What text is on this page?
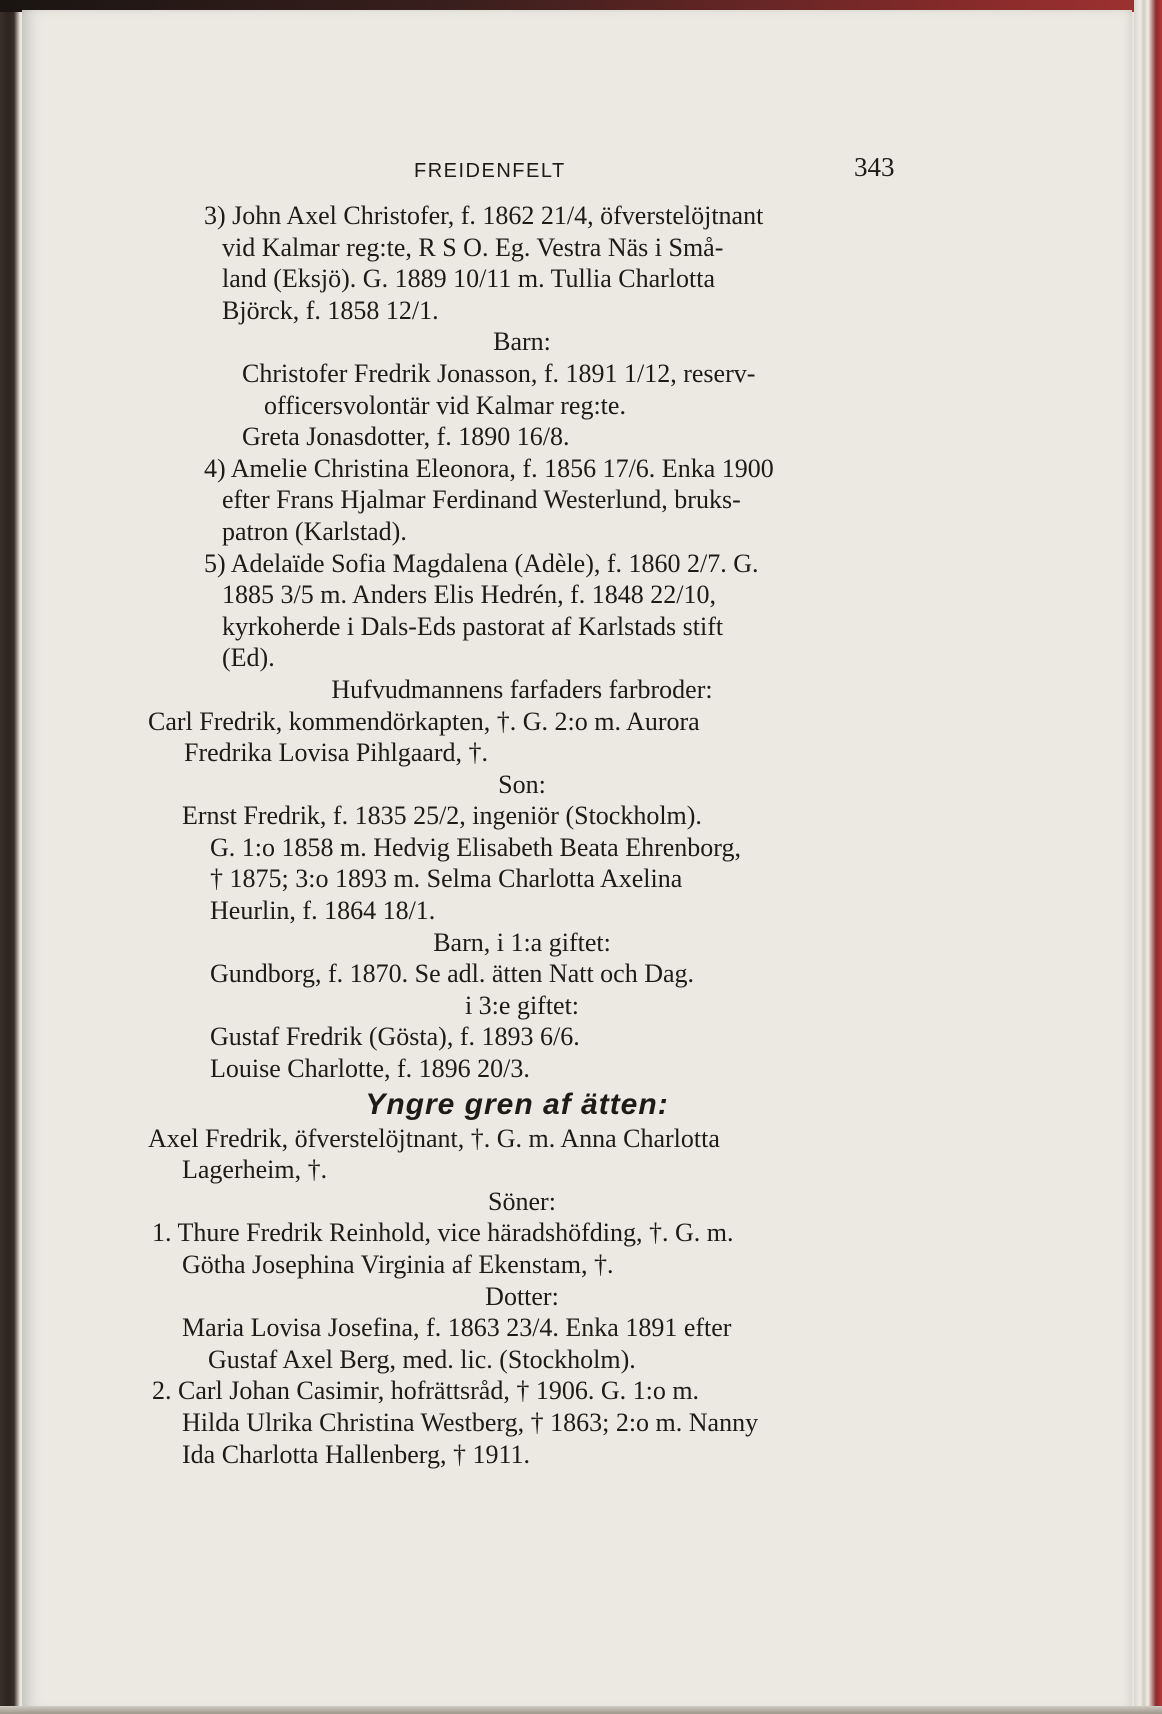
FREIDENFELT	343
3) John Axel Christofer, f. 1862 21/4, öfverstelöjtnant
vid Kalmar reg:te, R S O. Eg. Vestra Näs i Små-
land (Eksjö). G. 1889 10/11 m. Tullia Charlotta
Björck, f. 1858 12/1.
Barn:
Christofer Fredrik Jonasson, f. 1891 1/12, reserv-
officersvolontär vid Kalmar reg:te.
Greta Jonasdotter, f. 1890 16/8.
4) Amelie Christina Eleonora, f. 1856 17/6. Enka 1900
efter Frans Hjalmar Ferdinand Westerlund, bruks-
patron (Karlstad).
5) Adelaïde Sofia Magdalena (Adèle), f. 1860 2/7. G.
1885 3/5 m. Anders Elis Hedrén, f. 1848 22/10,
kyrkoherde i Dals-Eds pastorat af Karlstads stift
(Ed).
Hufvudmannens farfaders farbroder:
Carl Fredrik, kommendörkapten, †. G. 2:o m. Aurora
Fredrika Lovisa Pihlgaard, †.
Son:
Ernst Fredrik, f. 1835 25/2, ingeniör (Stockholm).
G. 1:o 1858 m. Hedvig Elisabeth Beata Ehrenborg,
† 1875; 3:o 1893 m. Selma Charlotta Axelina
Heurlin, f. 1864 18/1.
Barn, i 1:a giftet:
Gundborg, f. 1870. Se adl. ätten Natt och Dag.
i 3:e giftet:
Gustaf Fredrik (Gösta), f. 1893 6/6.
Louise Charlotte, f. 1896 20/3.
Yngre gren af ätten:
Axel Fredrik, öfverstelöjtnant, †. G. m. Anna Charlotta
Lagerheim, †.
Söner:
1. Thure Fredrik Reinhold, vice häradshöfding, †. G. m.
Götha Josephina Virginia af Ekenstam, †.
Dotter:
Maria Lovisa Josefina, f. 1863 23/4. Enka 1891 efter
Gustaf Axel Berg, med. lic. (Stockholm).
2. Carl Johan Casimir, hofrättsråd, † 1906. G. 1:o m.
Hilda Ulrika Christina Westberg, † 1863; 2:o m. Nanny
Ida Charlotta Hallenberg, † 1911.
